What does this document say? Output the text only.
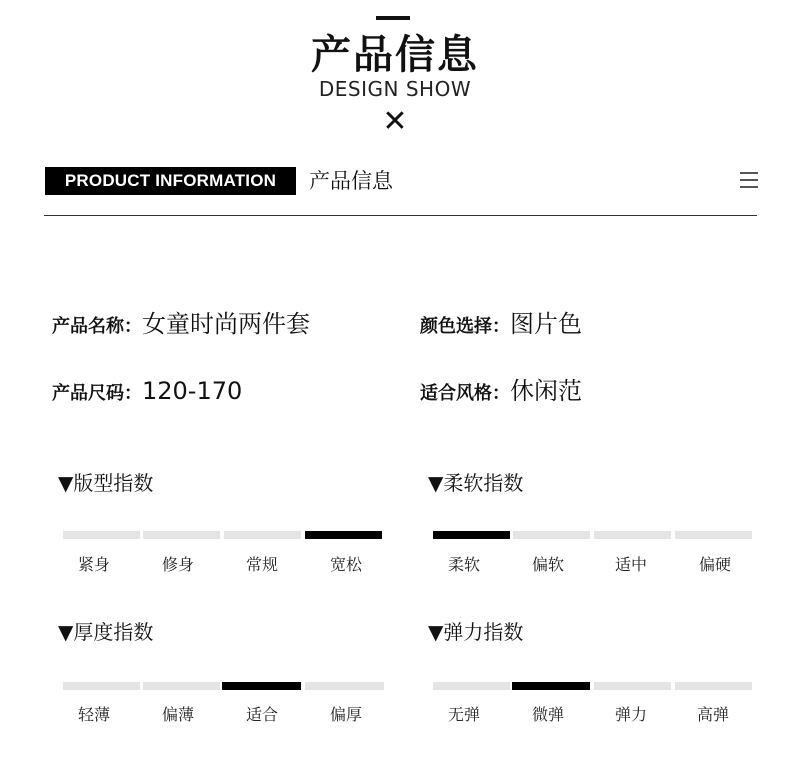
产品信息
DESIGN SHOW
✕
PRODUCT INFORMATION	产品信息
产品名称：女童时尚两件套	颜色选择：图片色
产品尺码：120-170	适合风格：休闲范
▼版型指数
紧身	修身	常规	宽松
▼柔软指数
柔软	偏软	适中	偏硬
▼厚度指数
轻薄	偏薄	适合	偏厚
▼弹力指数
无弹	微弹	弹力	高弹
